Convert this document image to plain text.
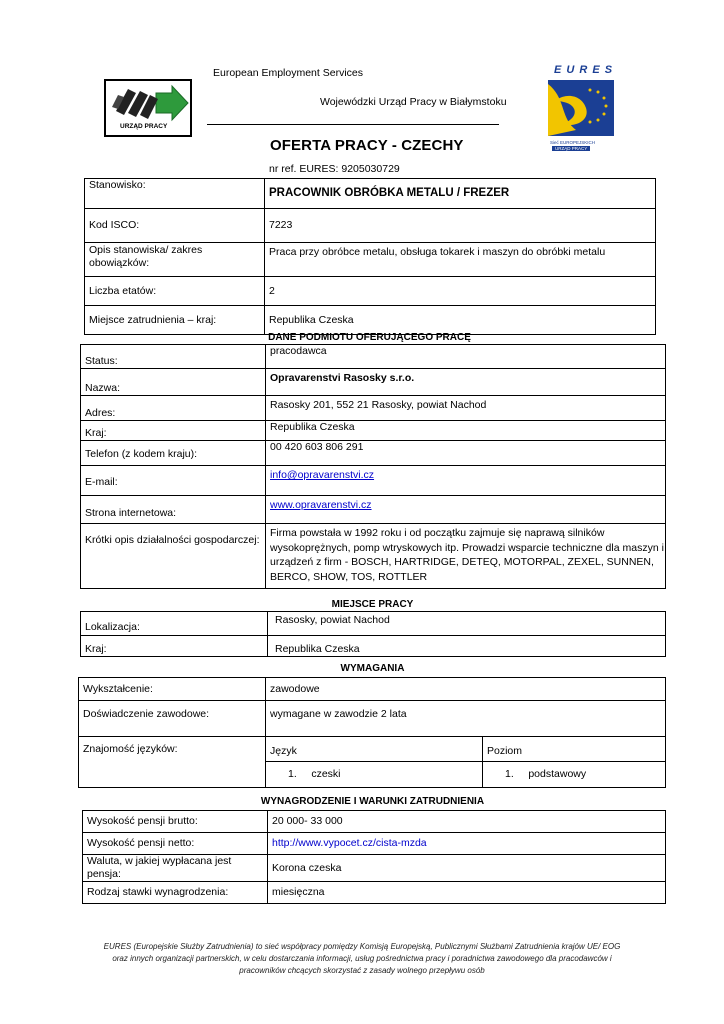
European Employment Services
Wojewódzki Urząd Pracy w Białymstoku
URZĄD PRACY
E U R E S
Sieć EUROPEJSKICH
URZĄD PRACY
OFERTA PRACY - CZECHY
nr ref. EURES: 9205030729
Stanowisko:	PRACOWNIK OBRÓBKA METALU / FREZER
Kod ISCO:	7223
Opis stanowiska/ zakres obowiązków:	Praca przy obróbce metalu, obsługa tokarek i maszyn do obróbki metalu
Liczba etatów:	2
Miejsce zatrudnienia – kraj:	Republika Czeska
DANE PODMIOTU OFERUJĄCEGO PRACĘ
Status:	pracodawca
Nazwa:	Opravarenstvi Rasosky s.r.o.
Adres:	Rasosky 201, 552 21 Rasosky, powiat Nachod
Kraj:	Republika Czeska
Telefon (z kodem kraju):	00 420 603 806 291
E-mail:	info@opravarenstvi.cz
Strona internetowa:	www.opravarenstvi.cz
Krótki opis działalności gospodarczej:	Firma powstała w 1992 roku i od początku zajmuje się naprawą silników
wysokoprężnych, pomp wtryskowych itp. Prowadzi wsparcie techniczne dla maszyn i
urządzeń z firm - BOSCH, HARTRIDGE, DETEQ, MOTORPAL, ZEXEL, SUNNEN,
BERCO, SHOW, TOS, ROTTLER
MIEJSCE PRACY
Lokalizacja:	Rasosky, powiat Nachod
Kraj:	Republika Czeska
WYMAGANIA
Wykształcenie:	zawodowe	
Doświadczenie zawodowe:	wymagane w zawodzie 2 lata	
Znajomość języków:	Język	Poziom
	1.     czeski	1.     podstawowy
WYNAGRODZENIE I WARUNKI ZATRUDNIENIA
Wysokość pensji brutto:	20 000- 33 000
Wysokość pensji netto:	http://www.vypocet.cz/cista-mzda
Waluta, w jakiej wypłacana jest pensja:	Korona czeska
Rodzaj stawki wynagrodzenia:	miesięczna
EURES (Europejskie Służby Zatrudnienia) to sieć współpracy pomiędzy Komisją Europejską, Publicznymi Służbami Zatrudnienia krajów UE/ EOG
oraz innych organizacji partnerskich, w celu dostarczania informacji, usług pośrednictwa pracy i poradnictwa zawodowego dla pracodawców i
pracowników chcących skorzystać z zasady wolnego przepływu osób
